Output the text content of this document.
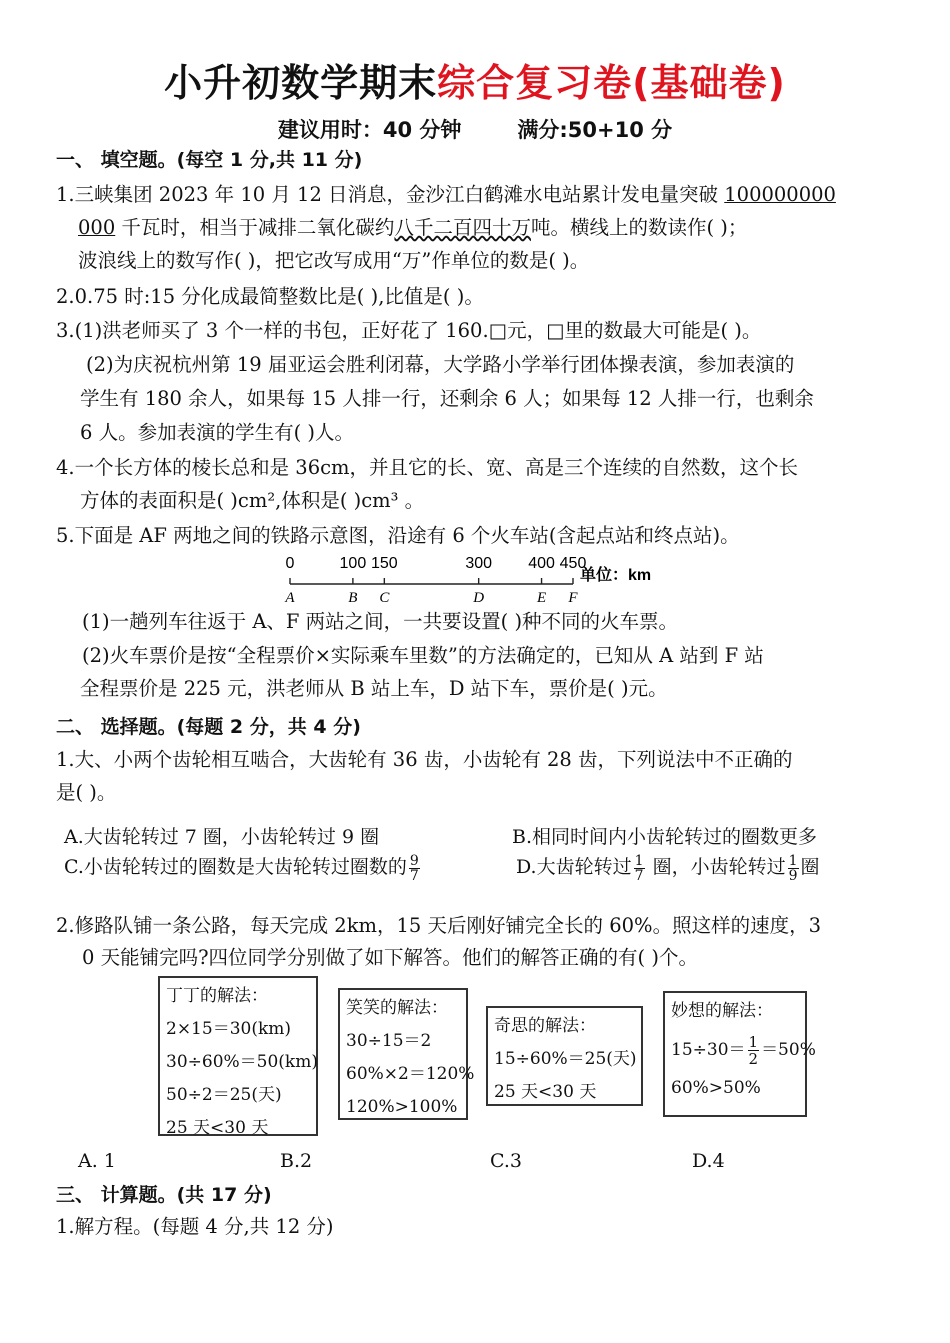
小升初数学期末综合复习卷(基础卷)
建议用时：40 分钟	满分:50+10 分
一、 填空题。(每空 1 分,共 11 分)
1.三峡集团 2023 年 10 月 12 日消息，金沙江白鹤滩水电站累计发电量突破 100000000
000 千瓦时，相当于减排二氧化碳约八千二百四十万吨。横线上的数读作( )；
波浪线上的数写作( )，把它改写成用“万”作单位的数是( )。
2.0.75 时:15 分化成最简整数比是( ),比值是( )。
3.(1)洪老师买了 3 个一样的书包，正好花了 160.□元，□里的数最大可能是( )。
(2)为庆祝杭州第 19 届亚运会胜利闭幕，大学路小学举行团体操表演，参加表演的
学生有 180 余人，如果每 15 人排一行，还剩余 6 人；如果每 12 人排一行，也剩余
6 人。参加表演的学生有( )人。
4.一个长方体的棱长总和是 36cm，并且它的长、宽、高是三个连续的自然数，这个长
方体的表面积是( )cm²,体积是( )cm³ 。
5.下面是 AF 两地之间的铁路示意图，沿途有 6 个火车站(含起点站和终点站)。
0
A
100
B
150
C
300
D
400
E
450
F
单位：km
(1)一趟列车往返于 A、F 两站之间，一共要设置( )种不同的火车票。
(2)火车票价是按“全程票价×实际乘车里数”的方法确定的，已知从 A 站到 F 站
全程票价是 225 元，洪老师从 B 站上车，D 站下车，票价是( )元。
二、 选择题。(每题 2 分，共 4 分)
1.大、小两个齿轮相互啮合，大齿轮有 36 齿，小齿轮有 28 齿，下列说法中不正确的
是( )。
A.大齿轮转过 7 圈，小齿轮转过 9 圈	B.相同时间内小齿轮转过的圈数更多
C.小齿轮转过的圈数是大齿轮转过圈数的 $\frac{9}{7}$	D.大齿轮转过 $\frac{1}{7}$ 圈，小齿轮转过 $\frac{1}{9}$ 圈
2.修路队铺一条公路，每天完成 2km，15 天后刚好铺完全长的 60%。照这样的速度，3
0 天能铺完吗?四位同学分别做了如下解答。他们的解答正确的有( )个。
丁丁的解法：
2×15＝30(km)
30÷60%＝50(km)
50÷2＝25(天)
25 天<30 天
笑笑的解法：
30÷15＝2
60%×2＝120%
120%>100%
奇思的解法：
15÷60%＝25(天)
25 天<30 天
妙想的解法：
$15\div 30= \frac{1}{2} =50\%$
60%>50%
A. 1	B.2	C.3	D.4
三、 计算题。(共 17 分)
1.解方程。(每题 4 分,共 12 分)
